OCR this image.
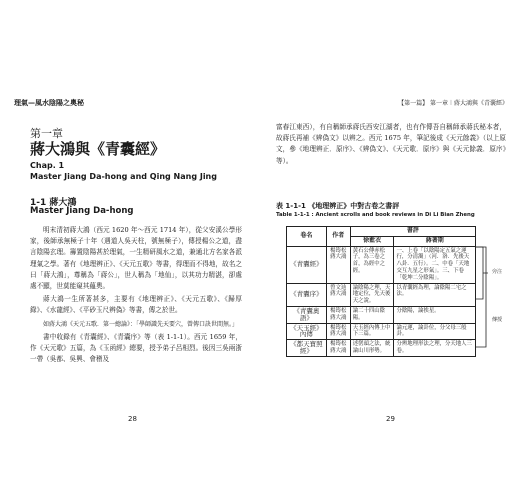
理氣—風水陰陽之奧秘
第一章
蔣大鴻與《青囊經》
Chap. 1
Master Jiang Da-hong and Qing Nang Jing
1-1 蔣大鴻
Master Jiang Da-hong

明末清初蔣大鴻（西元 1620 年～西元 1714 年），從父安溪公學形家，後師承無極子十年（遇道人吳天柱，號無極子），傳授楊公之道，盡言陰陽玄理。籌置陰陽甚於理氣，一生精研風水之道，兼通北方名家各派理氣之學。著有《地理辨正》、《天元五歌》等書，得理而不得地，故名之曰「蔣大鴻」，尊稱為「蔣公」，世人稱為「地仙」，以其功力精湛，卻處處不顯，世莫能窺其蘊奧。

蔣大鴻一生所著甚多，主要有《地理辨正》、《天元五歌》、《歸厚錄》、《水龍經》、《平砂玉尺辨偽》等書，傳之於世。

如蔣大鴻《天元五歌．第一總論》：「學師識先天要穴，曾傳口訣世間無。」

書中收錄有《青囊經》、《青囊序》等（表 1-1-1）。西元 1659 年，作《天元歌》五篇，為《玉函經》總要，授予弟子呂相烈。後因三吳兩浙一帶（吳都、吳興、會稽及

28
【第一篇】 第一章︱蔣大鴻與《青囊經》

富春江東西），有自稱師承蔣氏西安江湖者，也有作傳吾自稱師承蔣氏秘本者，故蔣氏再補《辨偽文》以辨之。西元 1675 年，筆記後成《天元餘義》（以上原文，參《地理辨正．原序》、《辨偽文》、《天元歌．原序》與《天元餘義．原序》等）。

表 1-1-1 《地理辨正》中對古卷之書評
Table 1-1-1 : Ancient scrolls and book reviews in Di Li Bian Zheng
卷名	作者	書評	
		徐藍衣	蔣著期
《青囊經》	楊筠松 蔣大鴻	黃石公傳赤松子，為三卷之首，為經中之經。	一、上卷「以陰陽定五氣之運行，分清濁」（河．洛．先後天八卦．五行）。二、中卷「天地交互九星之形氣」。三、下卷「乾坤二分陰陽」。
《青囊序》	曾文辿 蔣大鴻	論陰陽之理，天地定位，先天後天之說。	以青囊經為理，論陰陽二宅之法。
《青囊奧語》	楊筠松 蔣大鴻	論二十四山陰陽。	分陰陽，論挨星。
《天玉經》內傳	楊筠松 蔣大鴻	天玉經內傳上中下三篇。	論元運，論卦位，分父母三般卦。
《都天寶照經》	楊筠松 蔣大鴻	述巒頭之法，統論山川形勢。	分辨地理形法之理，分天地人三卷。
旁注
傳授
29
